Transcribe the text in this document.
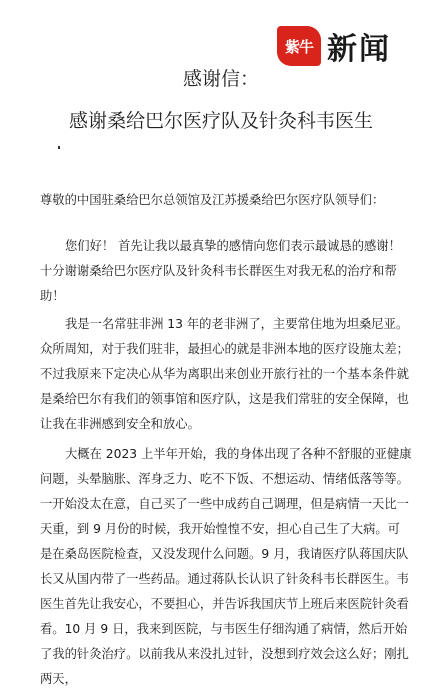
紫牛 新闻
感谢信：
感谢桑给巴尔医疗队及针灸科韦医生

尊敬的中国驻桑给巴尔总领馆及江苏援桑给巴尔医疗队领导们：

您们好！ 首先让我以最真挚的感情向您们表示最诚恳的感谢！十分谢谢桑给巴尔医疗队及针灸科韦长群医生对我无私的治疗和帮助！

我是一名常驻非洲 13 年的老非洲了，主要常住地为坦桑尼亚。众所周知，对于我们驻非，最担心的就是非洲本地的医疗设施太差；不过我原来下定决心从华为离职出来创业开旅行社的一个基本条件就是桑给巴尔有我们的领事馆和医疗队，这是我们常驻的安全保障，也让我在非洲感到安全和放心。

大概在 2023 上半年开始，我的身体出现了各种不舒服的亚健康问题，头晕脑胀、浑身乏力、吃不下饭、不想运动、情绪低落等等。一开始没太在意，自己买了一些中成药自己调理，但是病情一天比一天重，到 9 月份的时候，我开始惶惶不安，担心自己生了大病。可是在桑岛医院检查，又没发现什么问题。9 月，我请医疗队蒋国庆队长又从国内带了一些药品。通过蒋队长认识了针灸科韦长群医生。韦医生首先让我安心，不要担心，并告诉我国庆节上班后来医院针灸看看。10 月 9 日，我来到医院，与韦医生仔细沟通了病情，然后开始了我的针灸治疗。以前我从来没扎过针，没想到疗效会这么好；刚扎两天，
